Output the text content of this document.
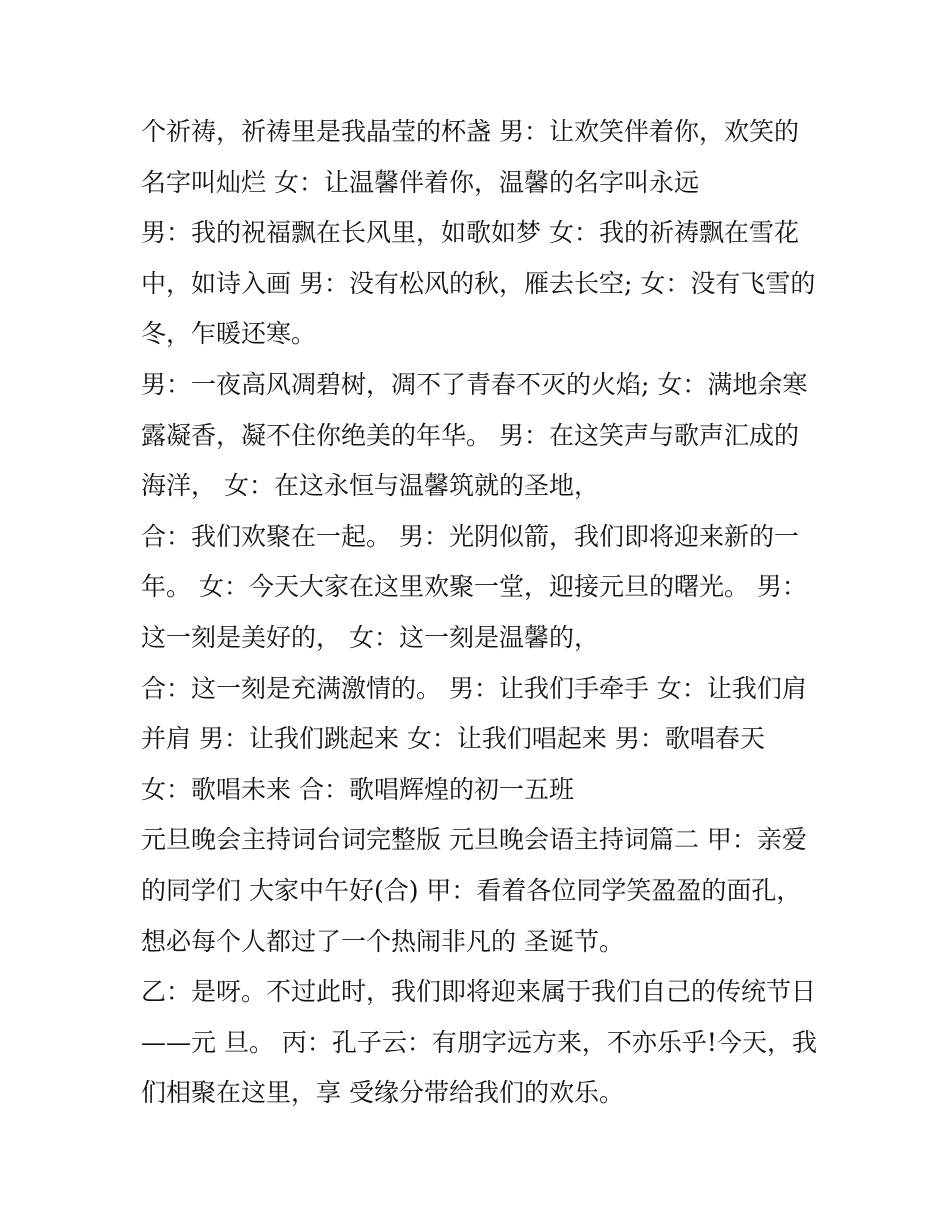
个祈祷，祈祷里是我晶莹的杯盏 男：让欢笑伴着你，欢笑的
名字叫灿烂 女：让温馨伴着你，温馨的名字叫永远
男：我的祝福飘在长风里，如歌如梦 女：我的祈祷飘在雪花
中，如诗入画 男：没有松风的秋，雁去长空; 女：没有飞雪的
冬，乍暖还寒。
男：一夜高风凋碧树，凋不了青春不灭的火焰; 女：满地余寒
露凝香，凝不住你绝美的年华。 男：在这笑声与歌声汇成的
海洋， 女：在这永恒与温馨筑就的圣地，
合：我们欢聚在一起。 男：光阴似箭，我们即将迎来新的一
年。 女：今天大家在这里欢聚一堂，迎接元旦的曙光。 男：
这一刻是美好的， 女：这一刻是温馨的，
合：这一刻是充满激情的。 男：让我们手牵手 女：让我们肩
并肩 男：让我们跳起来 女：让我们唱起来 男：歌唱春天
女：歌唱未来 合：歌唱辉煌的初一五班
元旦晚会主持词台词完整版 元旦晚会语主持词篇二 甲：亲爱
的同学们 大家中午好(合) 甲：看着各位同学笑盈盈的面孔，
想必每个人都过了一个热闹非凡的 圣诞节。
乙：是呀。不过此时，我们即将迎来属于我们自己的传统节日
——元 旦。 丙：孔子云：有朋字远方来，不亦乐乎!今天，我
们相聚在这里，享 受缘分带给我们的欢乐。
